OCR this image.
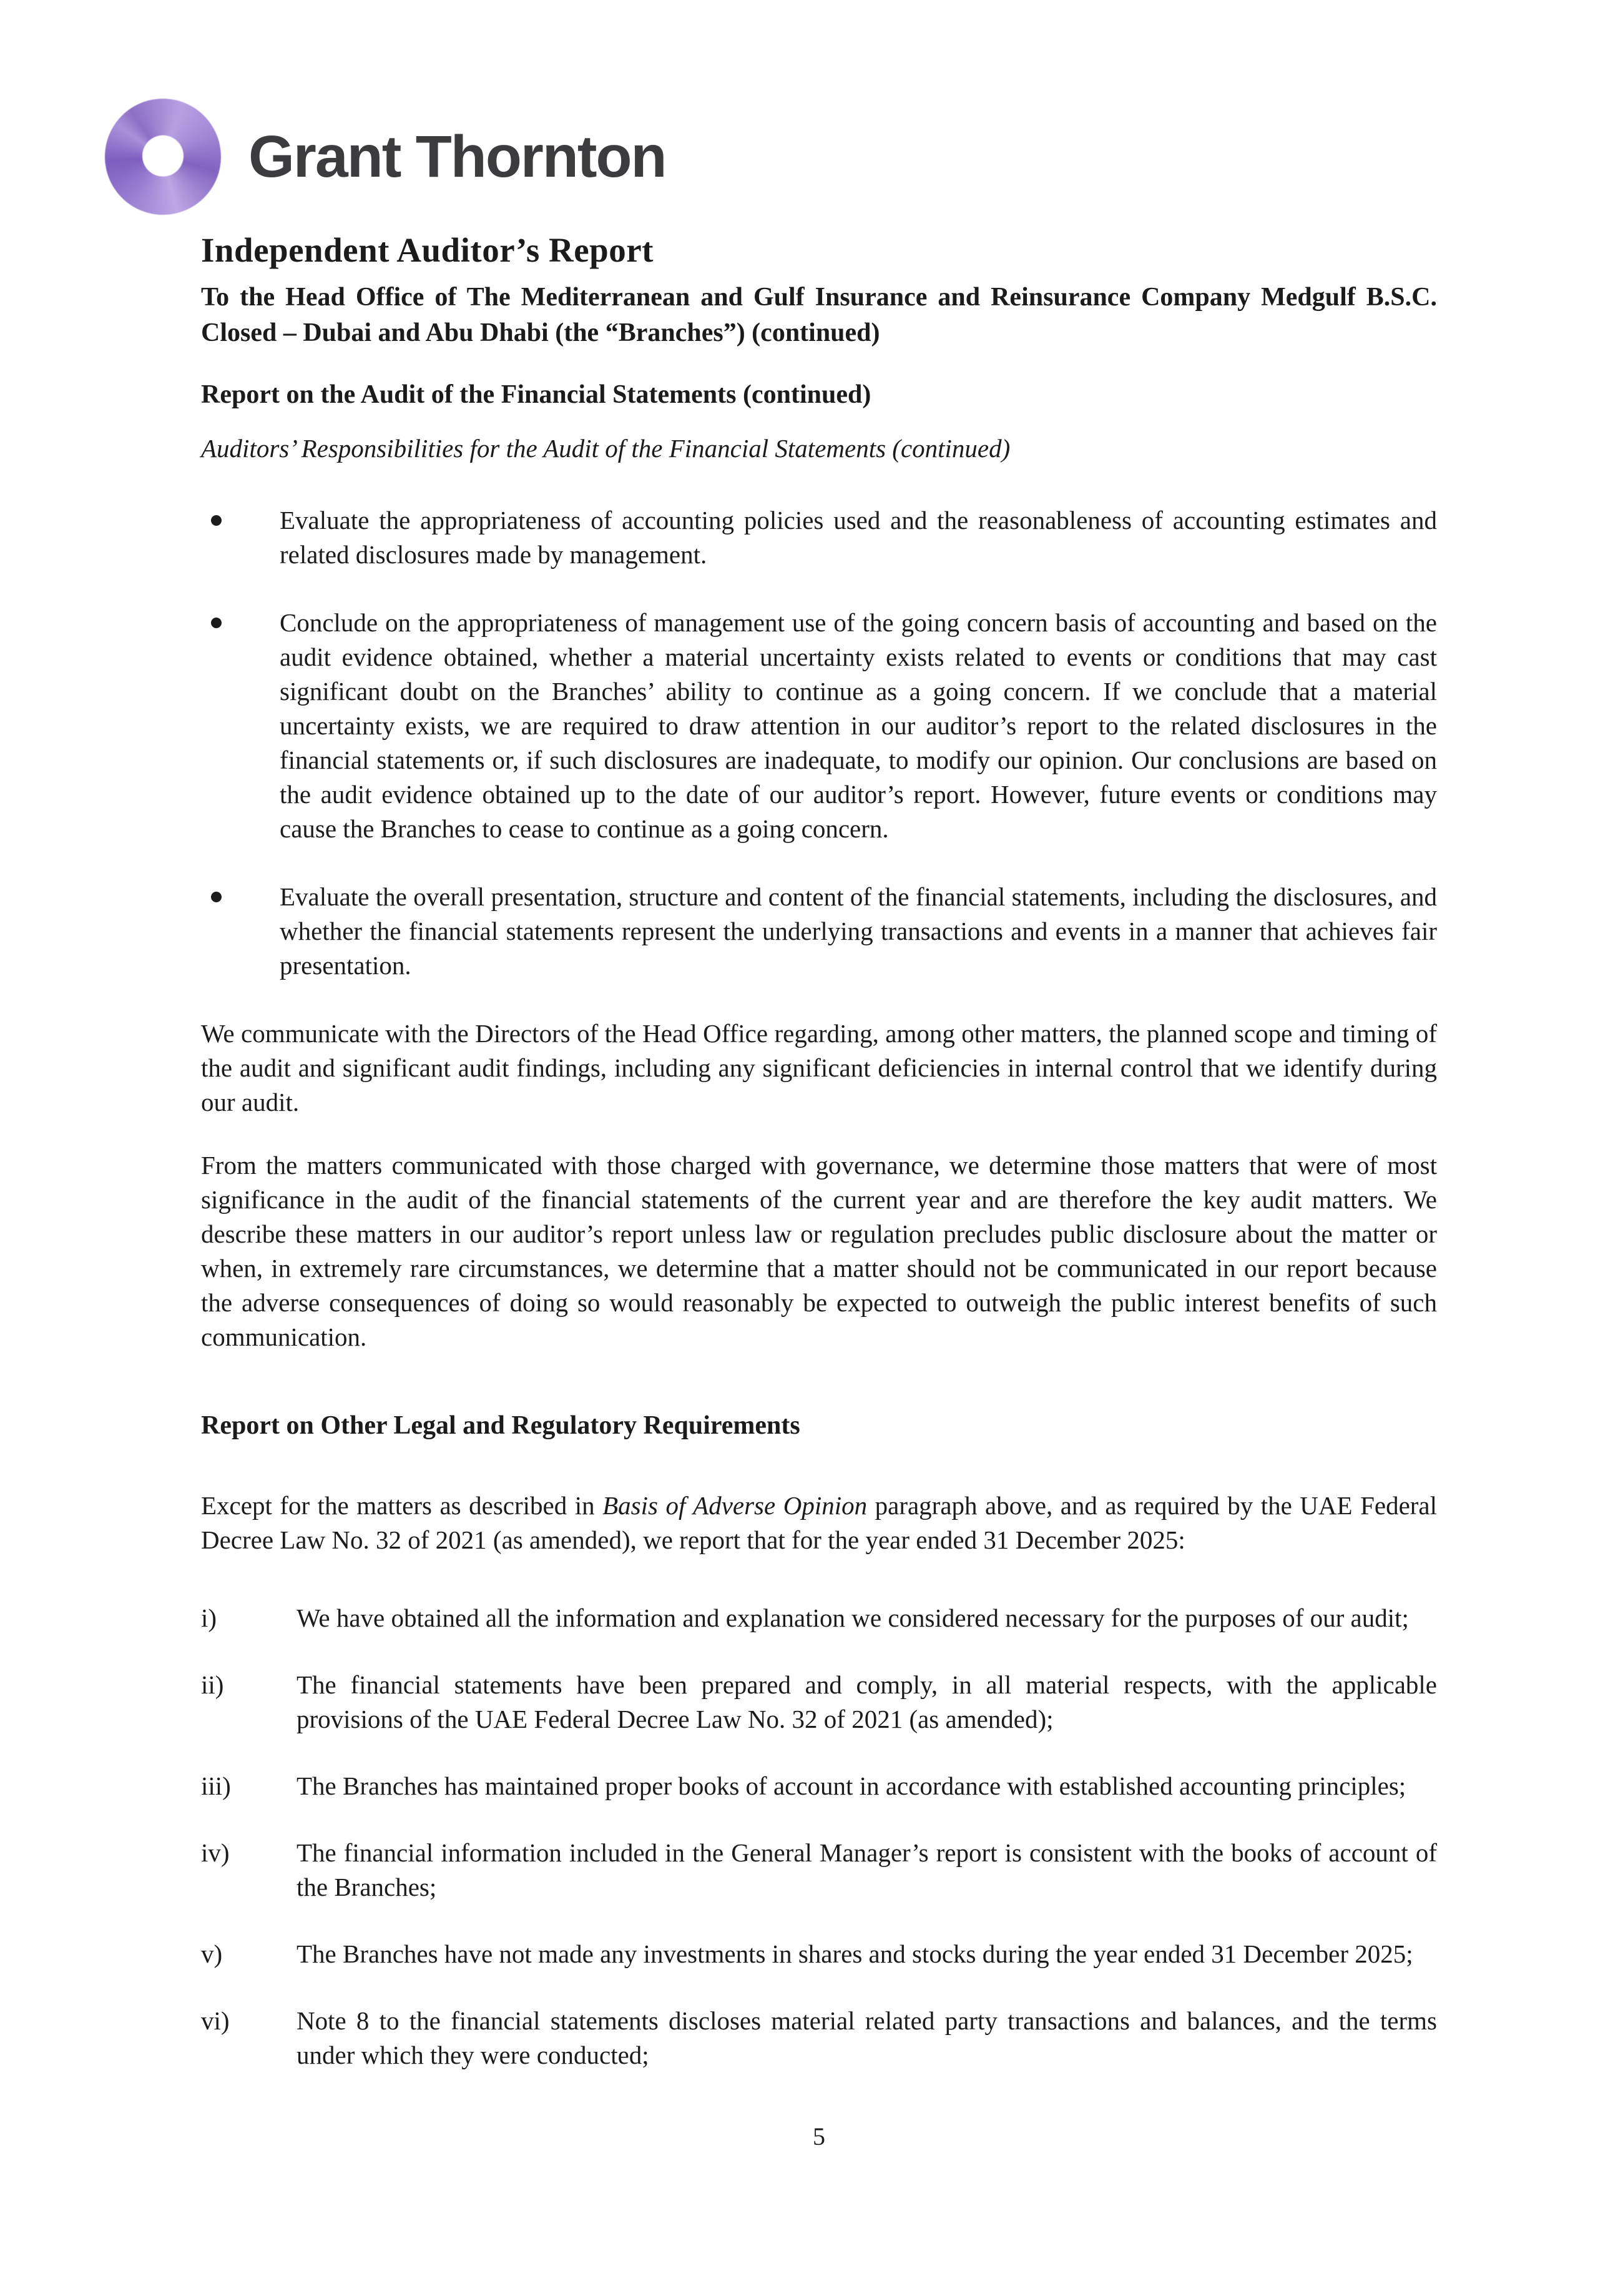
Grant Thornton
Independent Auditor’s Report

To the Head Office of The Mediterranean and Gulf Insurance and Reinsurance Company Medgulf B.S.C. Closed – Dubai and Abu Dhabi (the “Branches”) (continued)

Report on the Audit of the Financial Statements (continued)

Auditors’ Responsibilities for the Audit of the Financial Statements (continued)

Evaluate the appropriateness of accounting policies used and the reasonableness of accounting estimates and related disclosures made by management.
Conclude on the appropriateness of management use of the going concern basis of accounting and based on the audit evidence obtained, whether a material uncertainty exists related to events or conditions that may cast significant doubt on the Branches’ ability to continue as a going concern. If we conclude that a material uncertainty exists, we are required to draw attention in our auditor’s report to the related disclosures in the financial statements or, if such disclosures are inadequate, to modify our opinion. Our conclusions are based on the audit evidence obtained up to the date of our auditor’s report. However, future events or conditions may cause the Branches to cease to continue as a going concern.
Evaluate the overall presentation, structure and content of the financial statements, including the disclosures, and whether the financial statements represent the underlying transactions and events in a manner that achieves fair presentation.

We communicate with the Directors of the Head Office regarding, among other matters, the planned scope and timing of the audit and significant audit findings, including any significant deficiencies in internal control that we identify during our audit.

From the matters communicated with those charged with governance, we determine those matters that were of most significance in the audit of the financial statements of the current year and are therefore the key audit matters. We describe these matters in our auditor’s report unless law or regulation precludes public disclosure about the matter or when, in extremely rare circumstances, we determine that a matter should not be communicated in our report because the adverse consequences of doing so would reasonably be expected to outweigh the public interest benefits of such communication.

Report on Other Legal and Regulatory Requirements

Except for the matters as described in Basis of Adverse Opinion paragraph above, and as required by the UAE Federal Decree Law No. 32 of 2021 (as amended), we report that for the year ended 31 December 2025:

i)	We have obtained all the information and explanation we considered necessary for the purposes of our audit;
ii)	The financial statements have been prepared and comply, in all material respects, with the applicable provisions of the UAE Federal Decree Law No. 32 of 2021 (as amended);
iii)	The Branches has maintained proper books of account in accordance with established accounting principles;
iv)	The financial information included in the General Manager’s report is consistent with the books of account of the Branches;
v)	The Branches have not made any investments in shares and stocks during the year ended 31 December 2025;
vi)	Note 8 to the financial statements discloses material related party transactions and balances, and the terms under which they were conducted;
5
